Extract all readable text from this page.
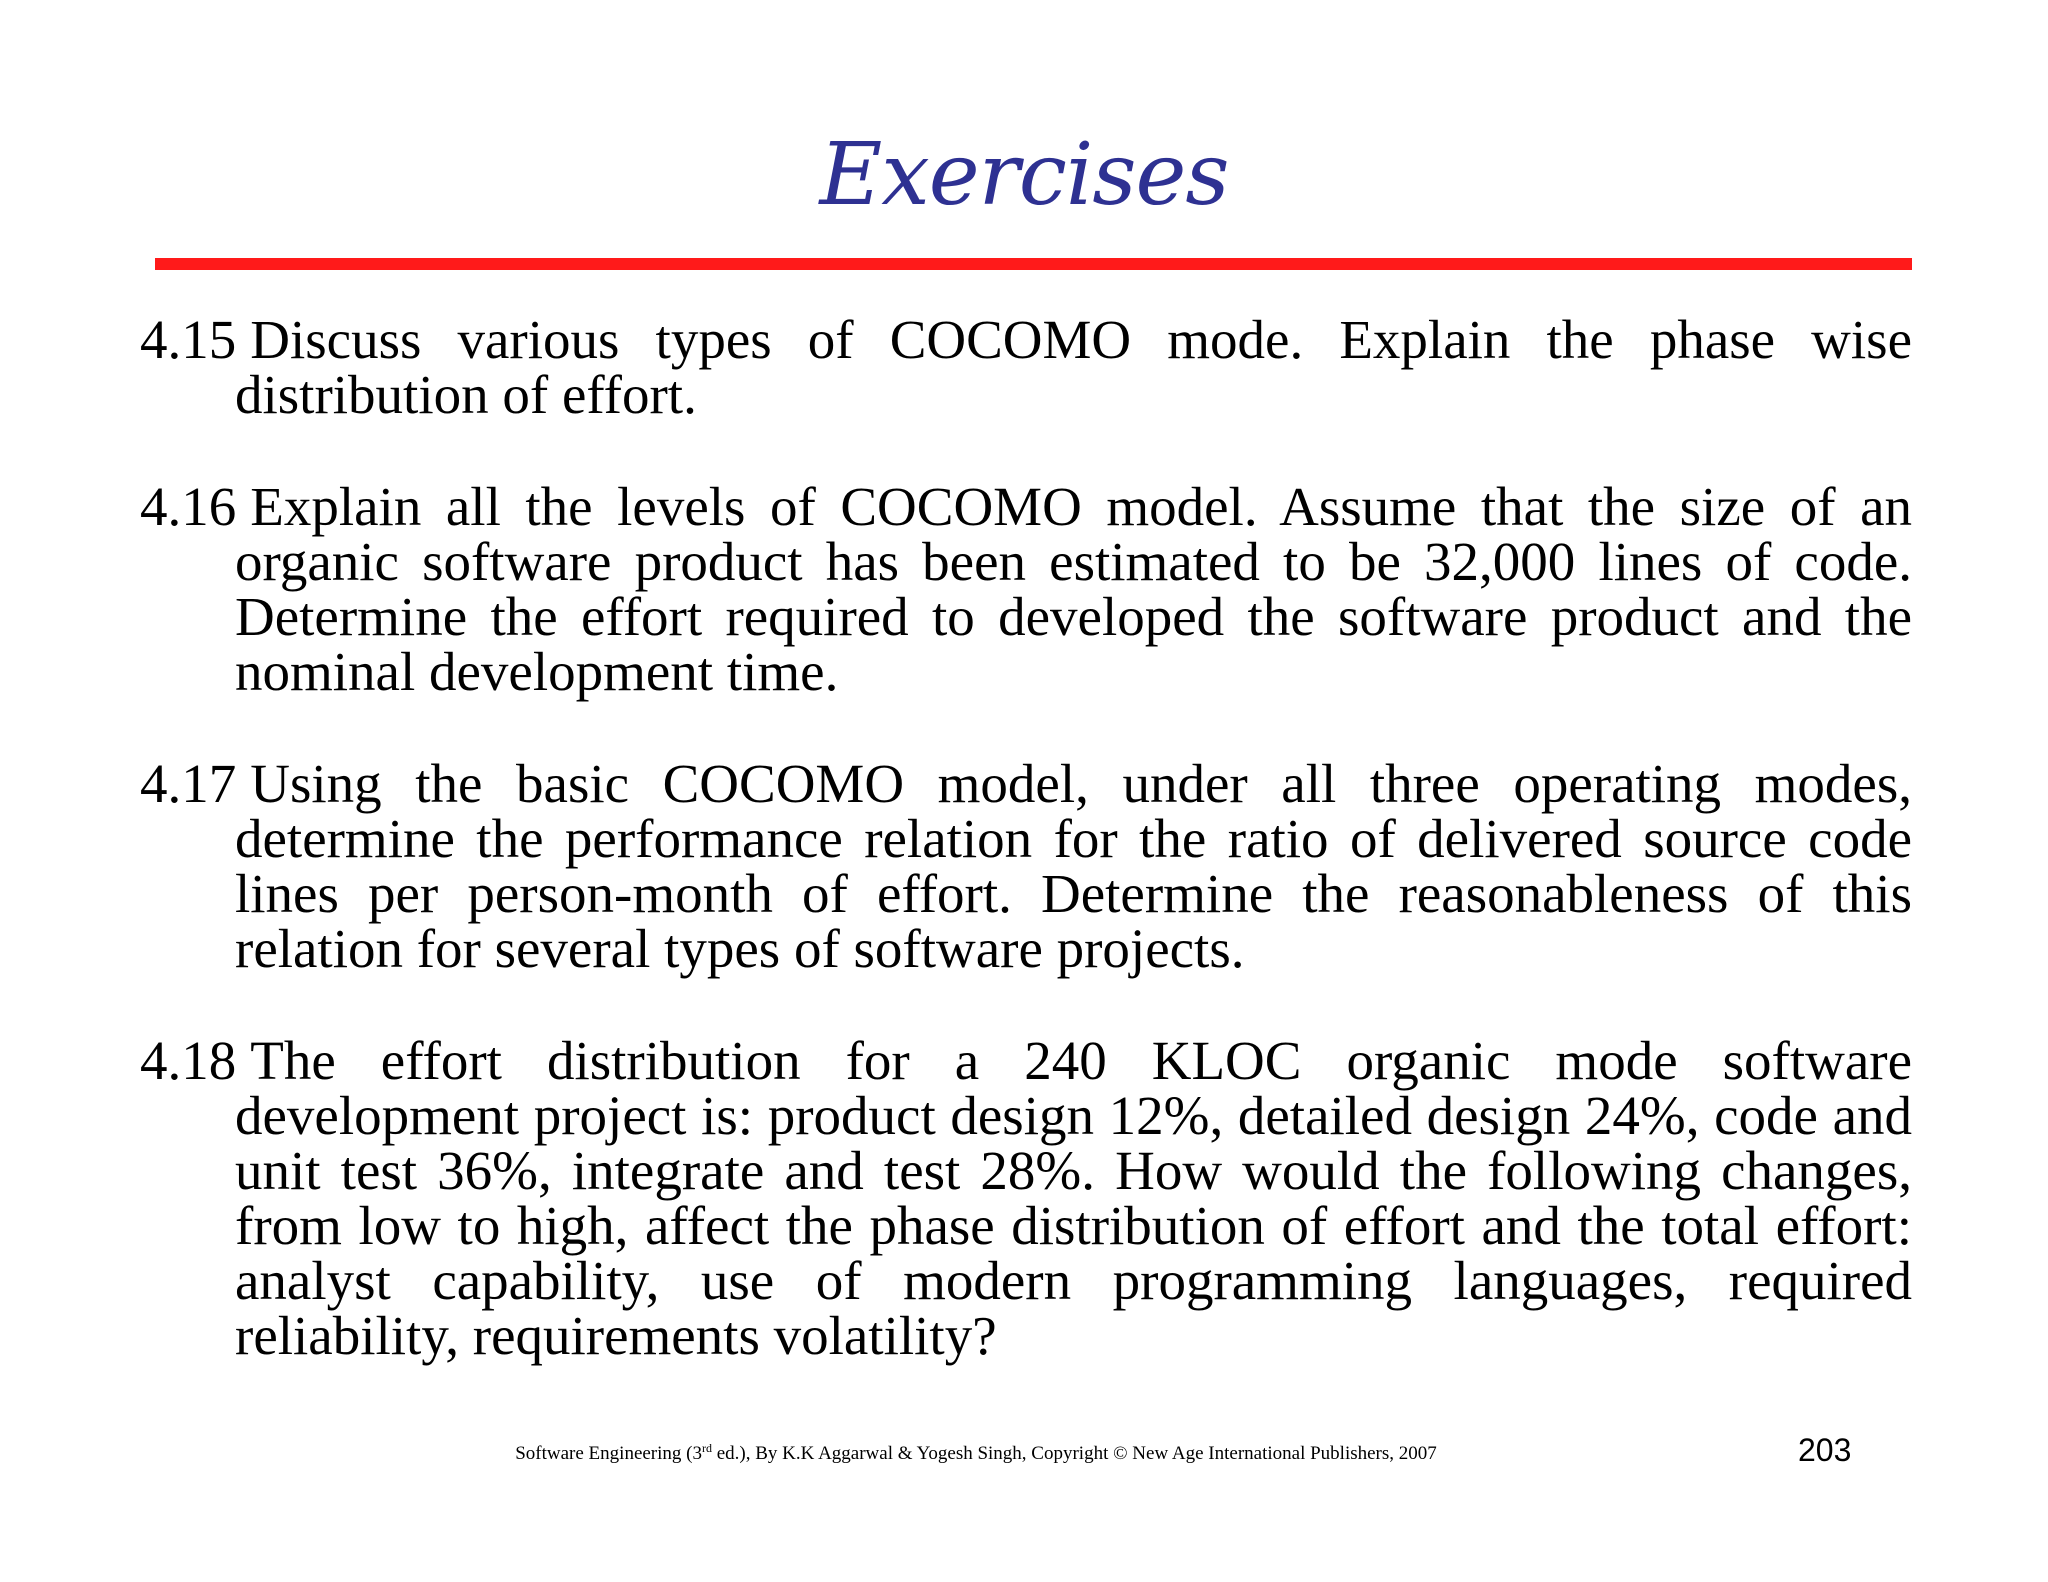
Exercises

4.15 Discuss various types of COCOMO mode. Explain the phase wise distribution of effort.

4.16 Explain all the levels of COCOMO model. Assume that the size of an organic software product has been estimated to be 32,000 lines of code. Determine the effort required to developed the software product and the nominal development time.

4.17 Using the basic COCOMO model, under all three operating modes, determine the performance relation for the ratio of delivered source code lines per person-month of effort. Determine the reasonableness of this relation for several types of software projects.

4.18 The effort distribution for a 240 KLOC organic mode software development project is: product design 12%, detailed design 24%, code and unit test 36%, integrate and test 28%. How would the following changes, from low to high, affect the phase distribution of effort and the total effort: analyst capability, use of modern programming languages, required reliability, requirements volatility?

Software Engineering (3rd ed.), By K.K Aggarwal & Yogesh Singh, Copyright © New Age International Publishers, 2007	203
